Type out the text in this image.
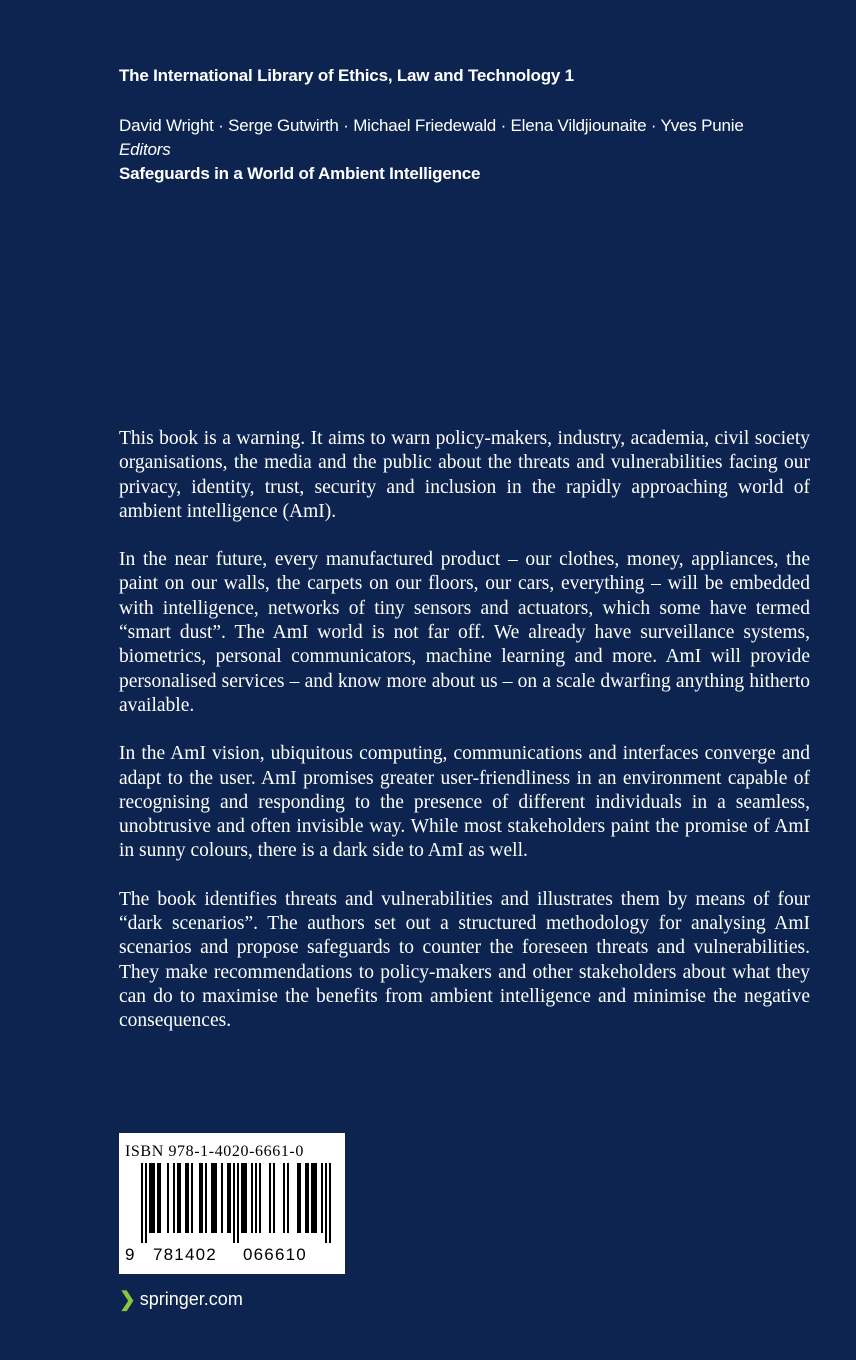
The International Library of Ethics, Law and Technology 1
David Wright · Serge Gutwirth · Michael Friedewald · Elena Vildjiounaite · Yves Punie
Editors
Safeguards in a World of Ambient Intelligence

This book is a warning. It aims to warn policy-makers, industry, academia, civil society organisations, the media and the public about the threats and vulnerabilities facing our privacy, identity, trust, security and inclusion in the rapidly approaching world of ambient intelligence (AmI).

In the near future, every manufactured product – our clothes, money, appliances, the paint on our walls, the carpets on our floors, our cars, everything – will be embedded with intelligence, networks of tiny sensors and actuators, which some have termed “smart dust”. The AmI world is not far off. We already have surveillance systems, biometrics, personal communicators, machine learning and more. AmI will provide personalised services – and know more about us – on a scale dwarfing anything hitherto available.

In the AmI vision, ubiquitous computing, communications and interfaces converge and adapt to the user. AmI promises greater user-friendliness in an environment capable of recognising and responding to the presence of different individuals in a seamless, unobtrusive and often invisible way. While most stakeholders paint the promise of AmI in sunny colours, there is a dark side to AmI as well.

The book identifies threats and vulnerabilities and illustrates them by means of four “dark scenarios”. The authors set out a structured methodology for analysing AmI scenarios and propose safeguards to counter the foreseen threats and vulnerabilities. They make recommendations to policy-makers and other stakeholders about what they can do to maximise the benefits from ambient intelligence and minimise the negative consequences.

ISBN 978-1-4020-6661-0
9 781402 066610
❯ springer.com
